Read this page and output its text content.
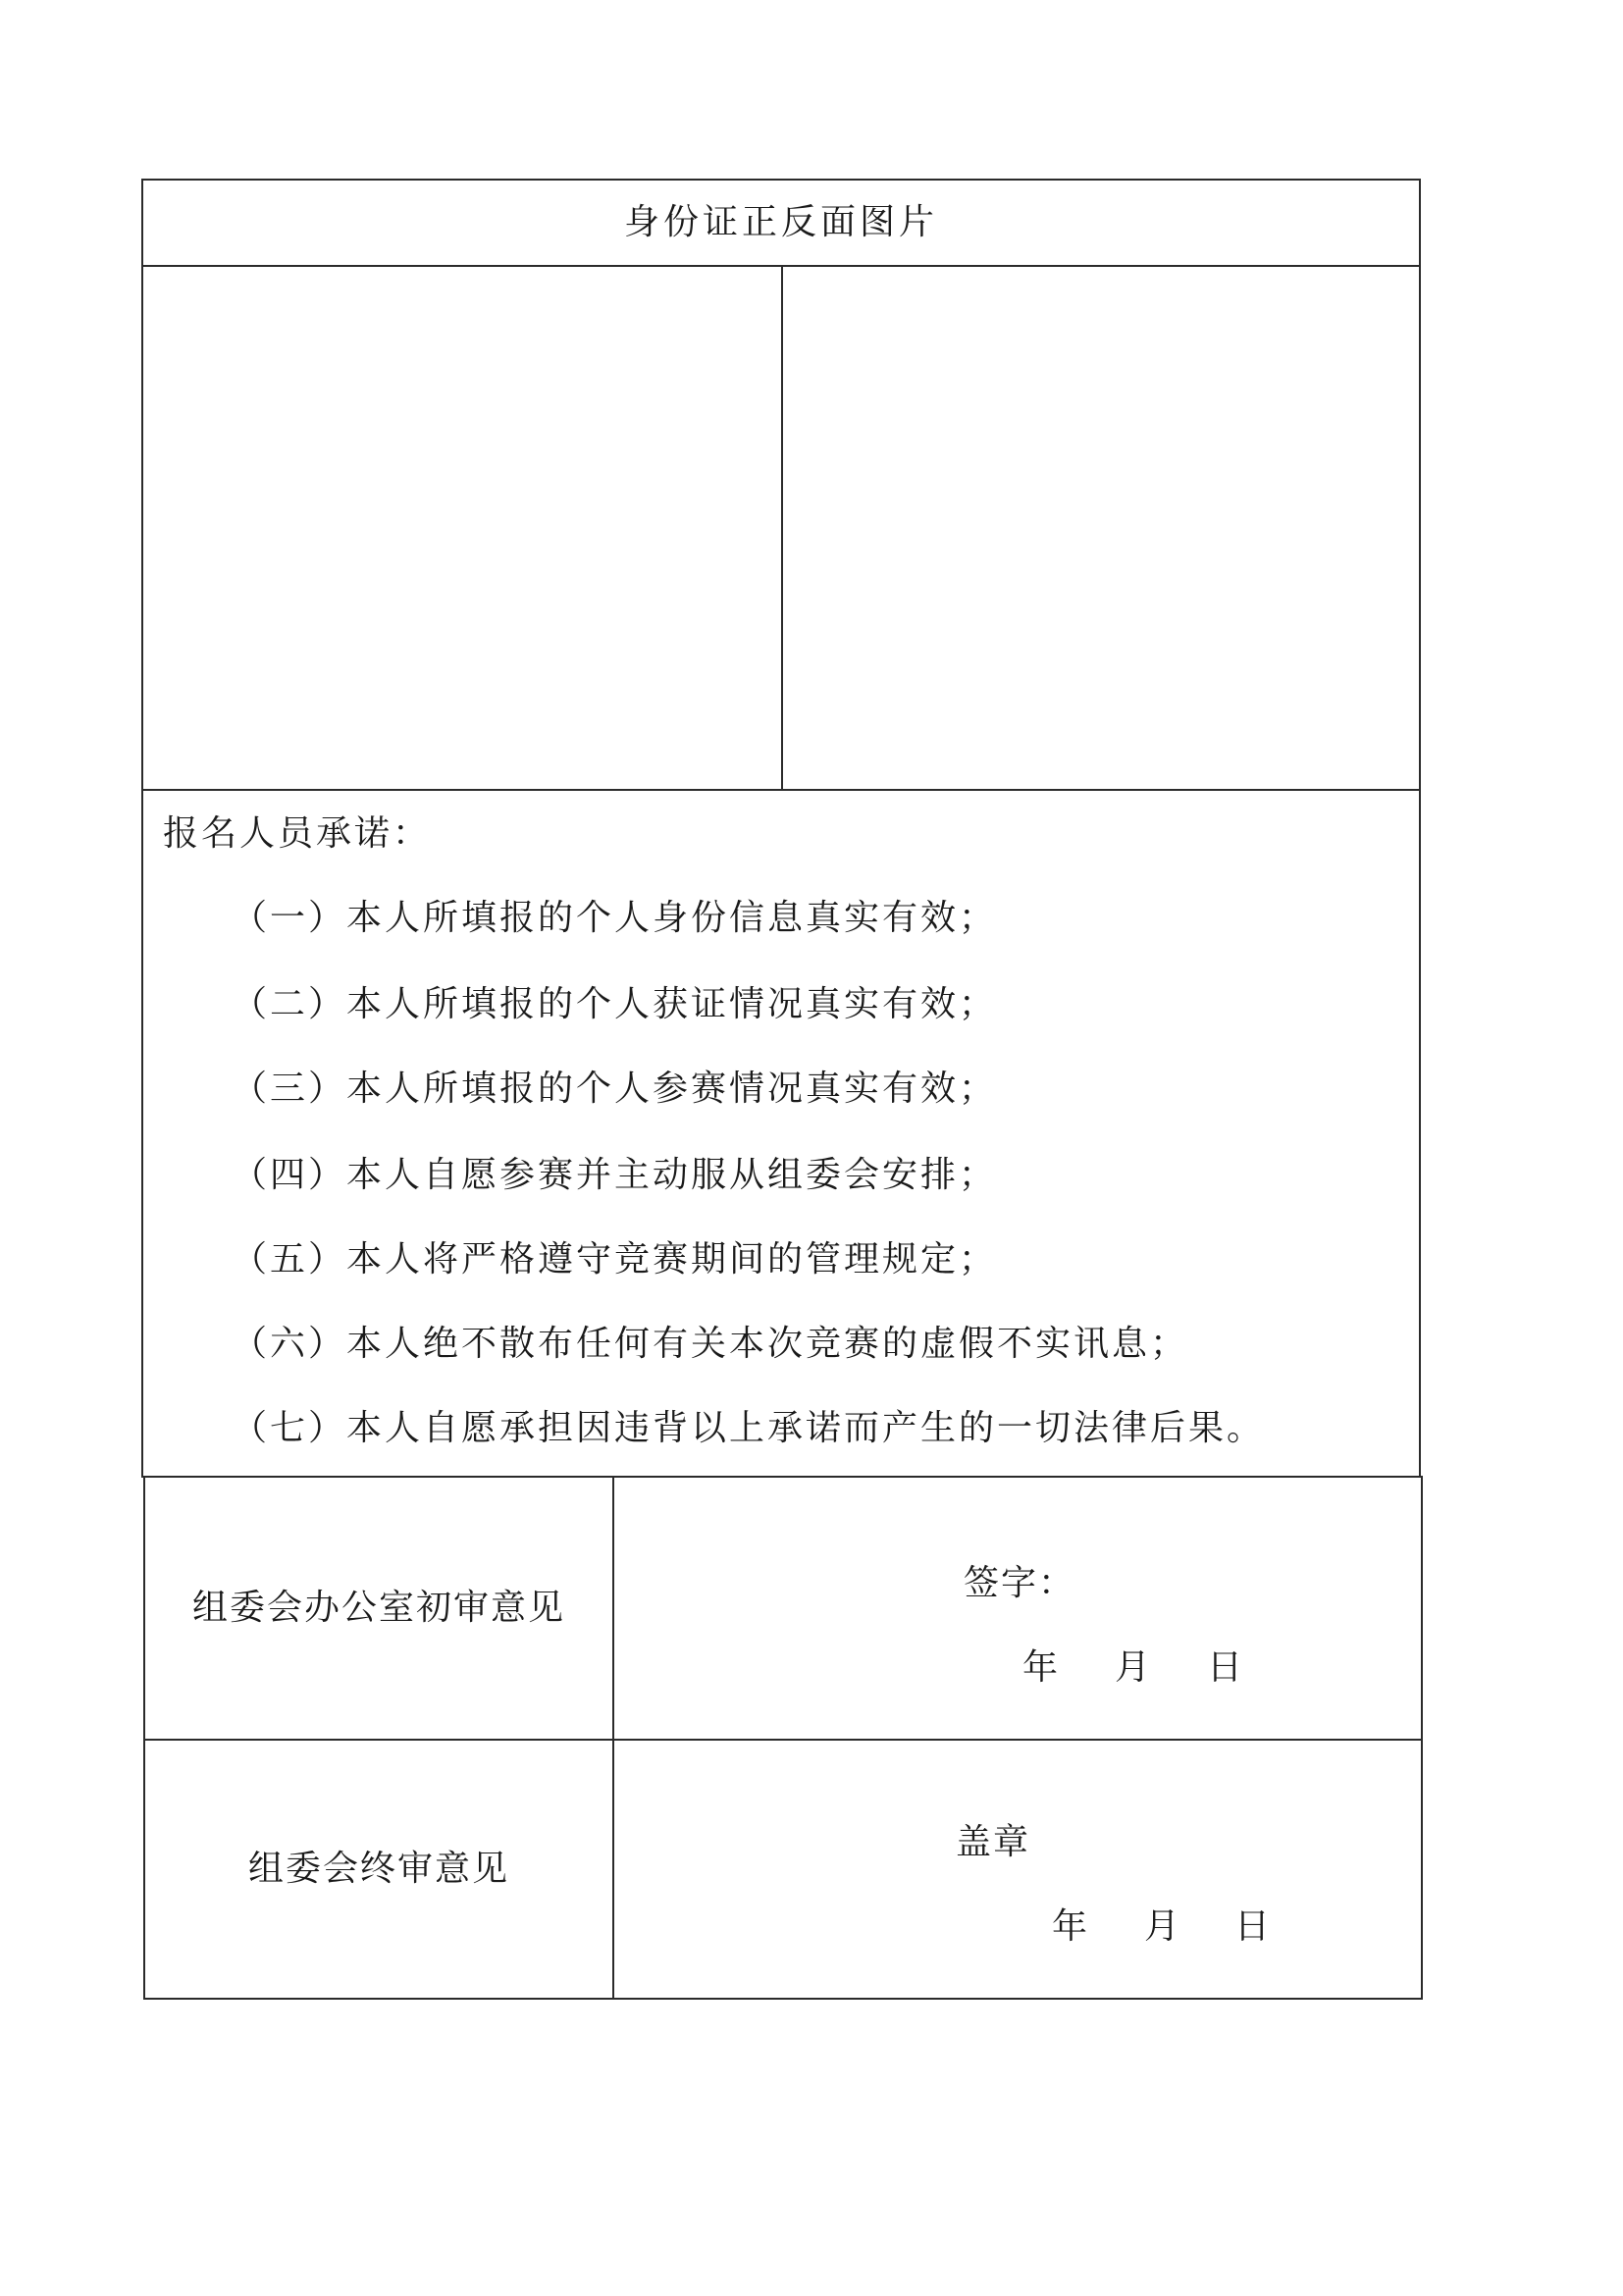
身份证正反面图片
报名人员承诺：
（一）本人所填报的个人身份信息真实有效；
（二）本人所填报的个人获证情况真实有效；
（三）本人所填报的个人参赛情况真实有效；
（四）本人自愿参赛并主动服从组委会安排；
（五）本人将严格遵守竞赛期间的管理规定；
（六）本人绝不散布任何有关本次竞赛的虚假不实讯息；
（七）本人自愿承担因违背以上承诺而产生的一切法律后果。
组委会办公室初审意见
签字：
年 月 日
组委会终审意见
盖章
年 月 日
